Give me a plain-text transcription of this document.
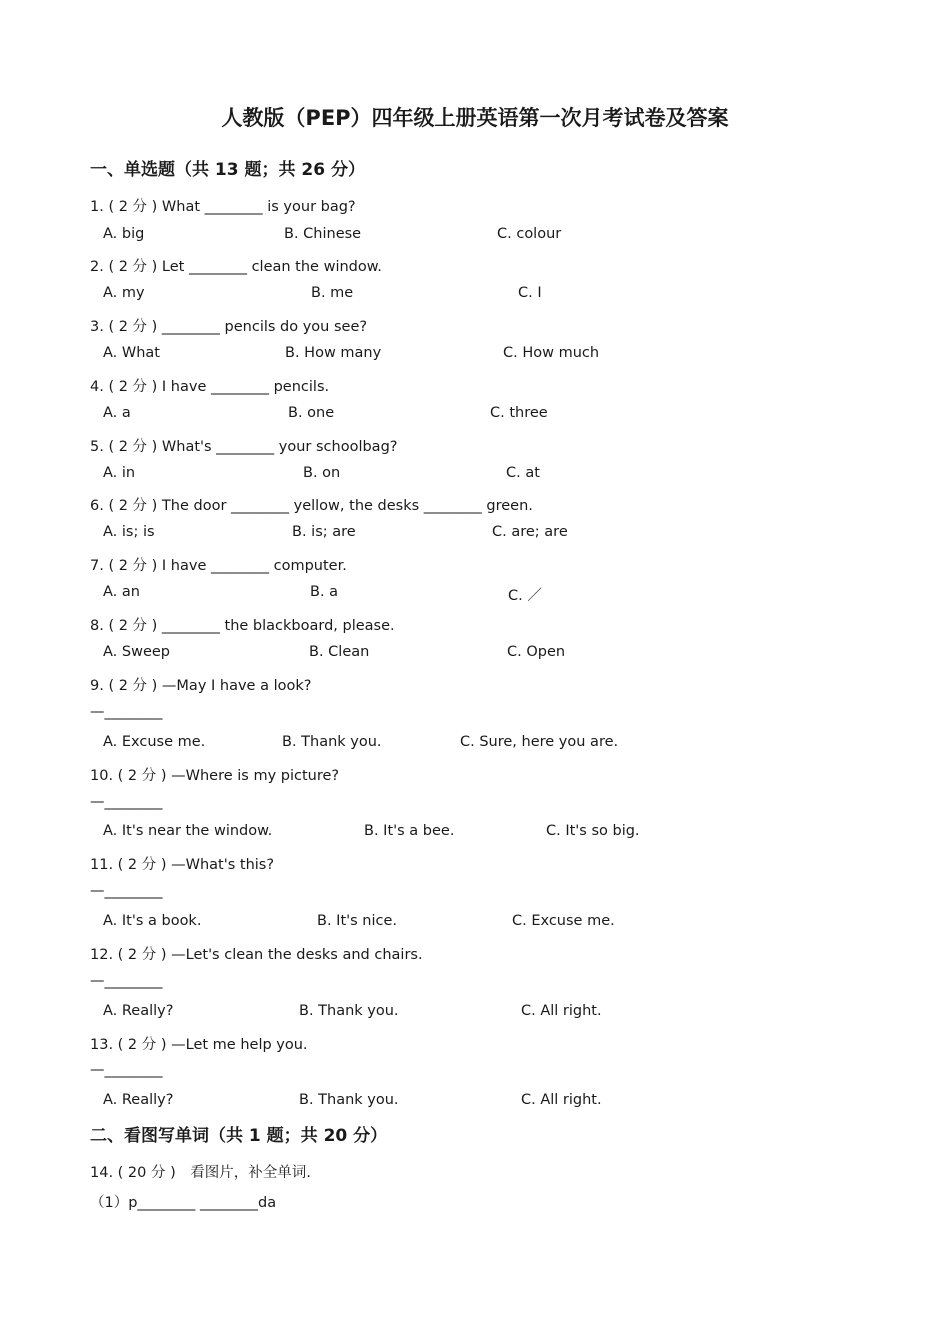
人教版（PEP）四年级上册英语第一次月考试卷及答案
一、单选题（共 13 题；共 26 分）
1. ( 2 分 ) What ________ is your bag?
A. big	B. Chinese	C. colour
2. ( 2 分 ) Let ________ clean the window.
A. my	B. me	C. I
3. ( 2 分 ) ________ pencils do you see?
A. What	B. How many	C. How much
4. ( 2 分 ) I have ________ pencils.
A. a	B. one	C. three
5. ( 2 分 ) What's ________ your schoolbag?
A. in	B. on	C. at
6. ( 2 分 ) The door ________ yellow, the desks ________ green.
A. is; is	B. is; are	C. are; are
7. ( 2 分 ) I have ________ computer.
A. an	B. a	C. ／
8. ( 2 分 ) ________ the blackboard, please.
A. Sweep	B. Clean	C. Open
9. ( 2 分 ) —May I have a look?
—________
A. Excuse me.	B. Thank you.	C. Sure, here you are.
10. ( 2 分 ) —Where is my picture?
—________
A. It's near the window.	B. It's a bee.	C. It's so big.
11. ( 2 分 ) —What's this?
—________
A. It's a book.	B. It's nice.	C. Excuse me.
12. ( 2 分 ) —Let's clean the desks and chairs.
—________
A. Really?	B. Thank you.	C. All right.
13. ( 2 分 ) —Let me help you.
—________
A. Really?	B. Thank you.	C. All right.
二、看图写单词（共 1 题；共 20 分）
14. ( 20 分 )　看图片，补全单词.
（1）p________ ________da
